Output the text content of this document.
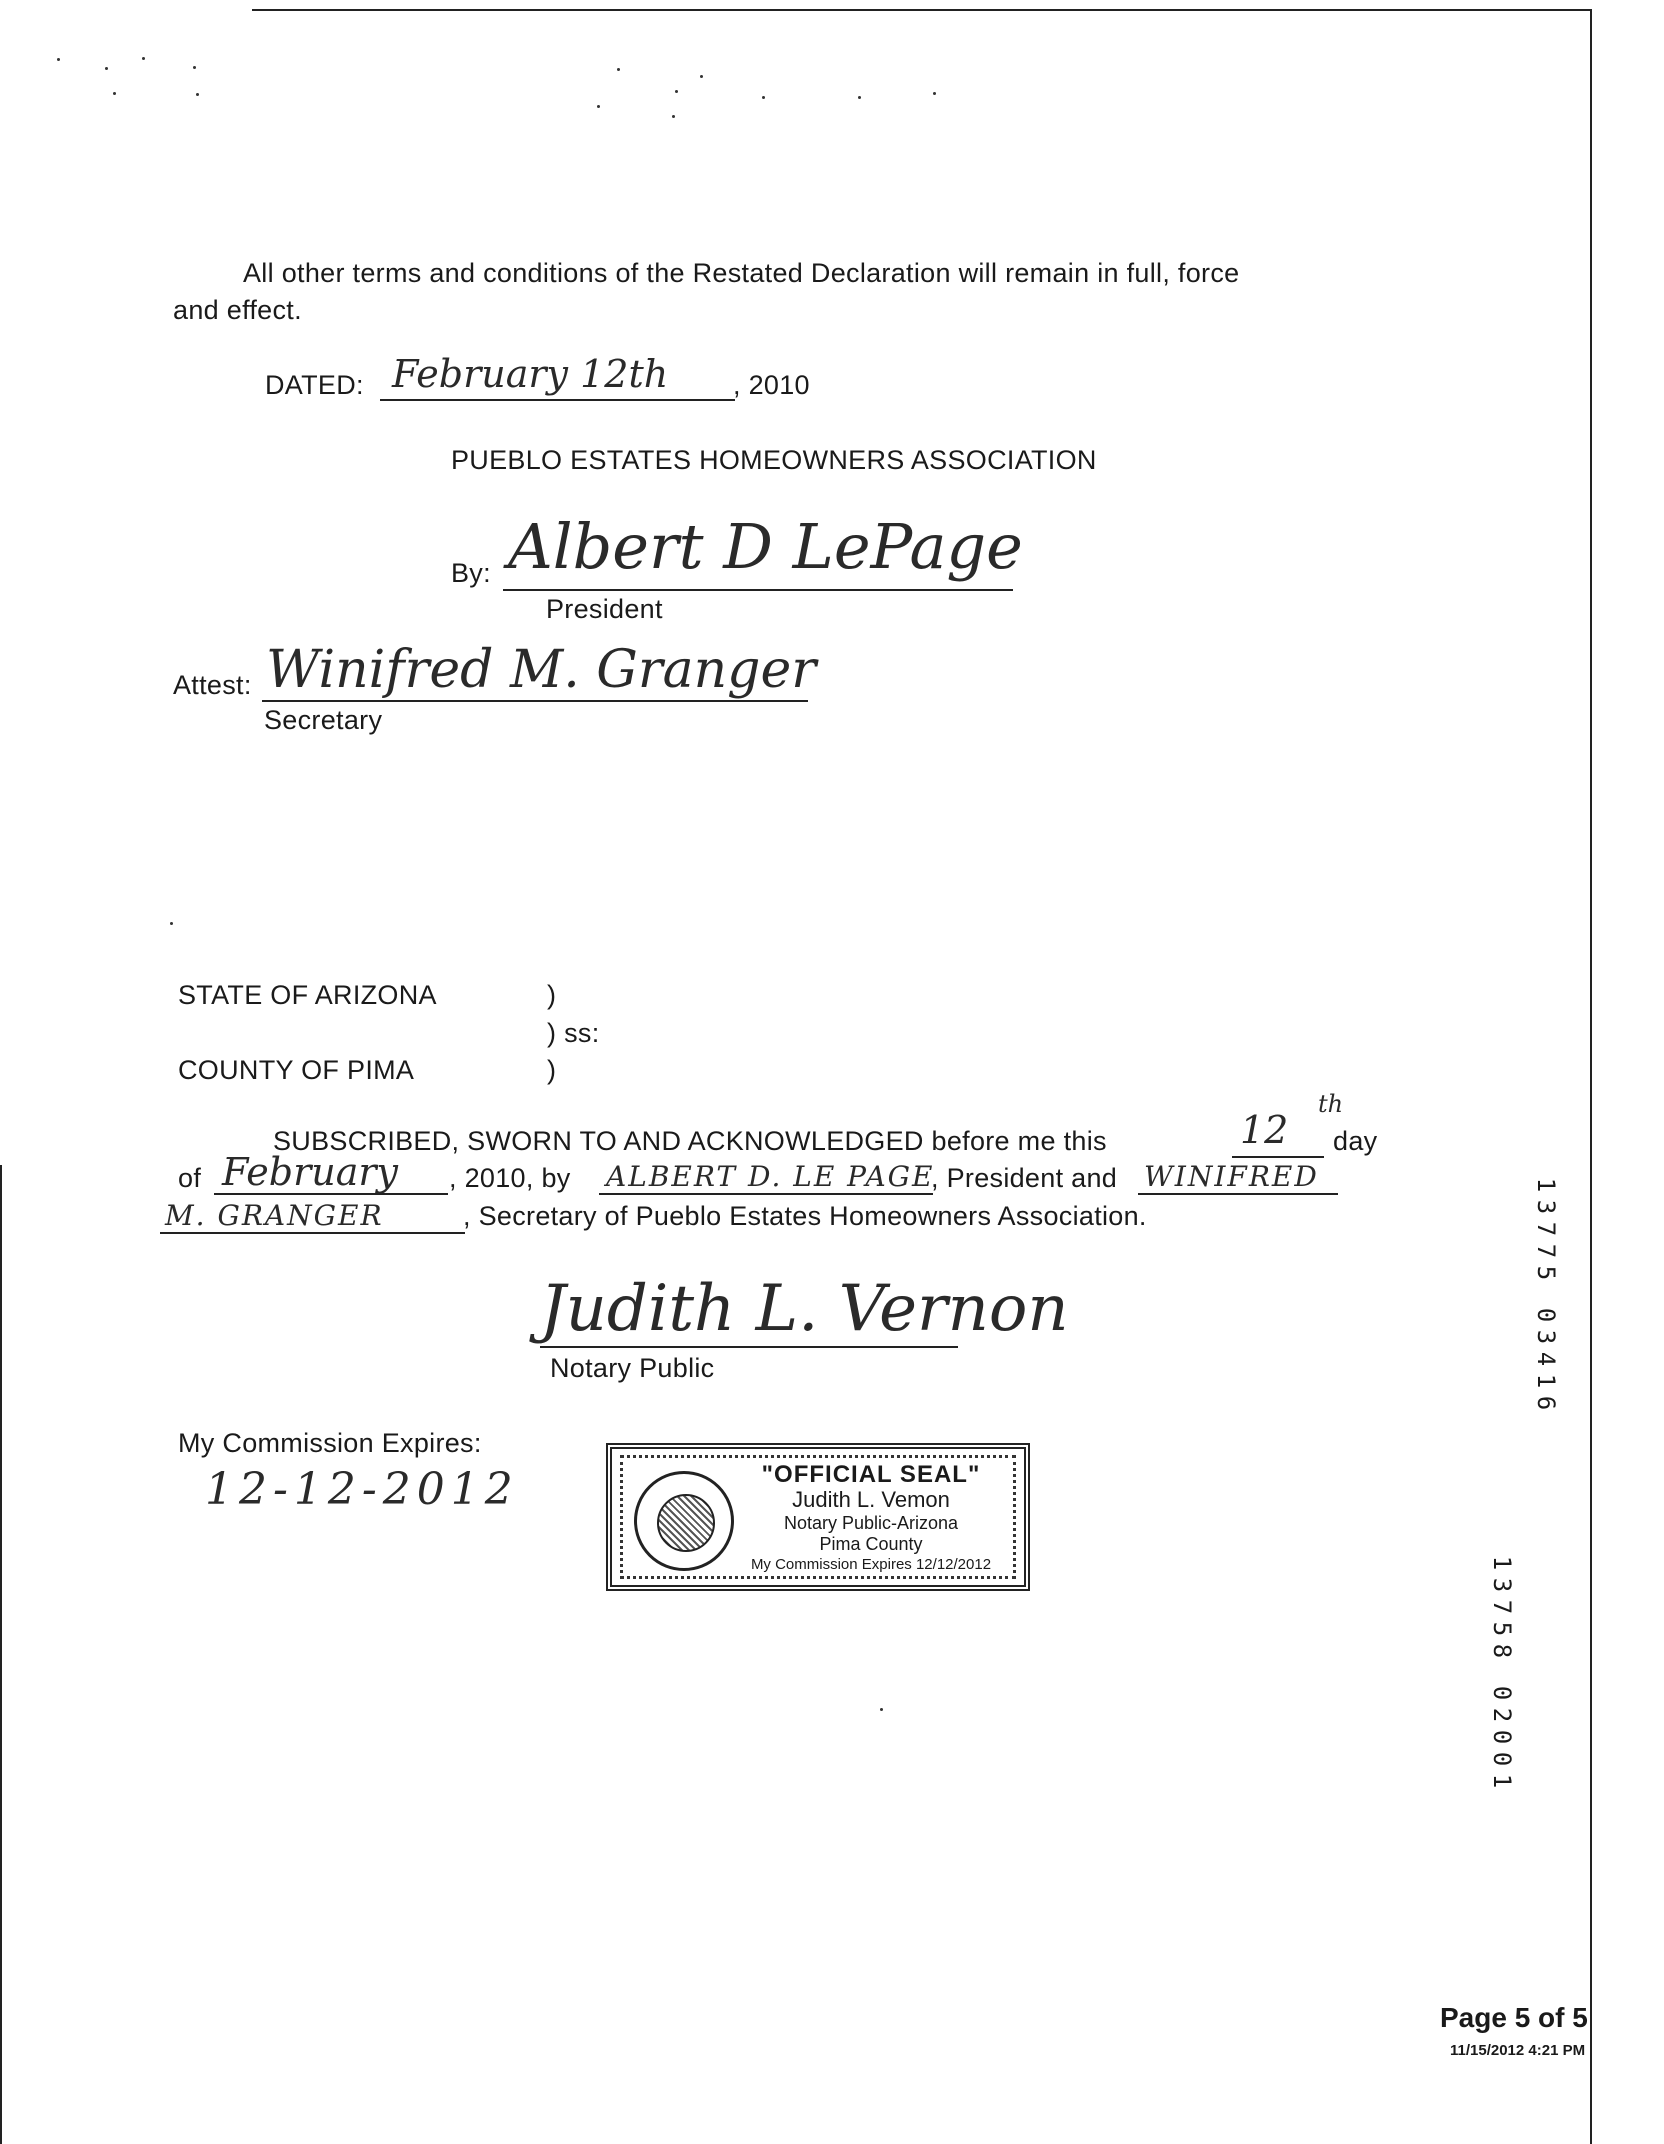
All other terms and conditions of the Restated Declaration will remain in full, force
and effect.
DATED: February 12th , 2010
PUEBLO ESTATES HOMEOWNERS ASSOCIATION
By: Albert D LePage
President
Attest: Winifred M. Granger
Secretary
STATE OF ARIZONA	)
) ss:
COUNTY OF PIMA	)
SUBSCRIBED, SWORN TO AND ACKNOWLEDGED before me this	12
th
day
of February , 2010, by ALBERT D. LE PAGE
, President and WINIFRED
M. GRANGER	, Secretary of Pueblo Estates Homeowners Association.
Judith L. Vernon
Notary Public
My Commission Expires:
12-12-2012	"OFFICIAL SEAL"
Judith L. Vemon
Notary Public-Arizona
Pima County
My Commission Expires 12/12/2012
1
3
7
7
5
0
3
4
1
6
1
3
7
5
8
0
2
0
0
1
Page 5 of 5
11/15/2012 4:21 PM
